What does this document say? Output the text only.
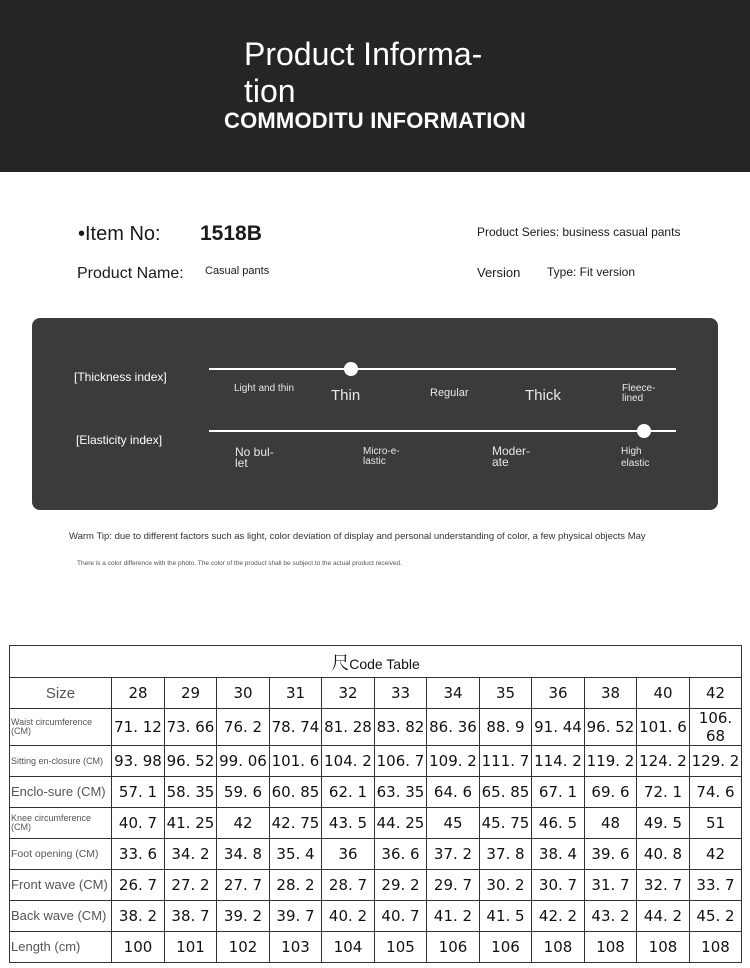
Product Informa- tion
COMMODITU INFORMATION
•Item No: 1518B	Product Series: business casual pants
Product Name: Casual pants	Version Type: Fit version
[Thickness index]
Light and thin Thin	Regular	Thick	Fleece-lined
[Elasticity index]
No bul-let
Micro-e-lastic
Moder-ate
High elastic
Warm Tip: due to different factors such as light, color deviation of display and personal understanding of color, a few physical objects May
There is a color difference with the photo. The color of the product shall be subject to the actual product received.
尺Code Table												
Size	28	29	30	31	32	33	34	35	36	38	40	42
Waist circumference (CM)	71. 12	73. 66	76. 2	78. 74	81. 28	83. 82	86. 36	88. 9	91. 44	96. 52	101. 6	106. 68
Sitting en-closure (CM)	93. 98	96. 52	99. 06	101. 6	104. 2	106. 7	109. 2	111. 7	114. 2	119. 2	124. 2	129. 2
Enclo-sure (CM)	57. 1	58. 35	59. 6	60. 85	62. 1	63. 35	64. 6	65. 85	67. 1	69. 6	72. 1	74. 6
Knee circumference (CM)	40. 7	41. 25	42	42. 75	43. 5	44. 25	45	45. 75	46. 5	48	49. 5	51
Foot opening (CM)	33. 6	34. 2	34. 8	35. 4	36	36. 6	37. 2	37. 8	38. 4	39. 6	40. 8	42
Front wave (CM)	26. 7	27. 2	27. 7	28. 2	28. 7	29. 2	29. 7	30. 2	30. 7	31. 7	32. 7	33. 7
Back wave (CM)	38. 2	38. 7	39. 2	39. 7	40. 2	40. 7	41. 2	41. 5	42. 2	43. 2	44. 2	45. 2
Length (cm)	100	101	102	103	104	105	106	106	108	108	108	108
